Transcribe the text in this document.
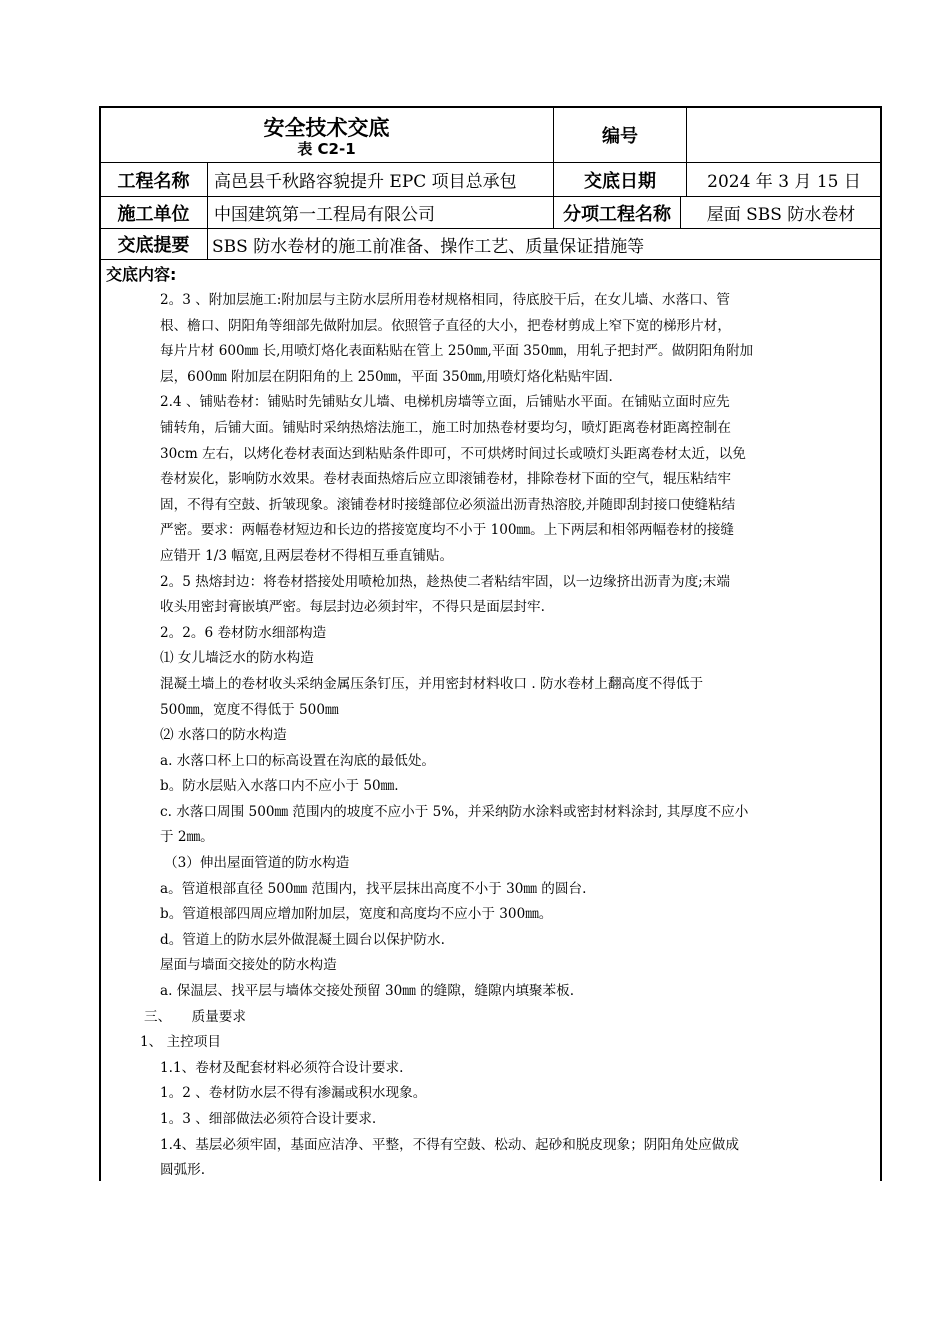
安全技术交底
表 C2-1
编号
工程名称	高邑县千秋路容貌提升 EPC 项目总承包	交底日期	2024 年 3 月 15 日
施工单位	中国建筑第一工程局有限公司	分项工程名称	屋面 SBS 防水卷材
交底提要	SBS 防水卷材的施工前准备、操作工艺、质量保证措施等
交底内容:
2。3 、附加层施工:附加层与主防水层所用卷材规格相同，待底胶干后，在女儿墙、水落口、管
根、檐口、阴阳角等细部先做附加层。依照管子直径的大小，把卷材剪成上窄下宽的梯形片材，
每片片材 600㎜ 长,用喷灯烙化表面粘贴在管上 250㎜,平面 350㎜，用轧子把封严。做阴阳角附加
层，600㎜ 附加层在阴阳角的上 250㎜，平面 350㎜,用喷灯烙化粘贴牢固.
2.4 、铺贴卷材：铺贴时先铺贴女儿墙、电梯机房墙等立面，后铺贴水平面。在铺贴立面时应先
铺转角，后铺大面。铺贴时采纳热熔法施工，施工时加热卷材要均匀，喷灯距离卷材距离控制在
30cm 左右，以烤化卷材表面达到粘贴条件即可，不可烘烤时间过长或喷灯头距离卷材太近，以免
卷材炭化，影响防水效果。卷材表面热熔后应立即滚铺卷材，排除卷材下面的空气，辊压粘结牢
固，不得有空鼓、折皱现象。滚铺卷材时接缝部位必须溢出沥青热溶胶,并随即刮封接口使缝粘结
严密。要求：两幅卷材短边和长边的搭接宽度均不小于 100㎜。上下两层和相邻两幅卷材的接缝
应错开 1/3 幅宽,且两层卷材不得相互垂直铺贴。
2。5 热熔封边：将卷材搭接处用喷枪加热，趁热使二者粘结牢固，以一边缘挤出沥青为度;末端
收头用密封膏嵌填严密。每层封边必须封牢，不得只是面层封牢.
2。2。6 卷材防水细部构造
⑴ 女儿墙泛水的防水构造
混凝土墙上的卷材收头采纳金属压条钉压，并用密封材料收口 . 防水卷材上翻高度不得低于
500㎜，宽度不得低于 500㎜
⑵ 水落口的防水构造
a. 水落口杯上口的标高设置在沟底的最低处。
b。防水层贴入水落口内不应小于 50㎜.
c. 水落口周围 500㎜ 范围内的坡度不应小于 5%，并采纳防水涂料或密封材料涂封, 其厚度不应小
于 2㎜。
（3）伸出屋面管道的防水构造
a。管道根部直径 500㎜ 范围内，找平层抹出高度不小于 30㎜ 的圆台.
b。管道根部四周应增加附加层，宽度和高度均不应小于 300㎜。
d。管道上的防水层外做混凝土圆台以保护防水.
屋面与墙面交接处的防水构造
a. 保温层、找平层与墙体交接处预留 30㎜ 的缝隙，缝隙内填聚苯板.
三、　　质量要求
1、 主控项目
1.1、卷材及配套材料必须符合设计要求.
1。2 、卷材防水层不得有渗漏或积水现象。
1。3 、细部做法必须符合设计要求.
1.4、基层必须牢固，基面应洁净、平整，不得有空鼓、松动、起砂和脱皮现象；阴阳角处应做成
圆弧形.
